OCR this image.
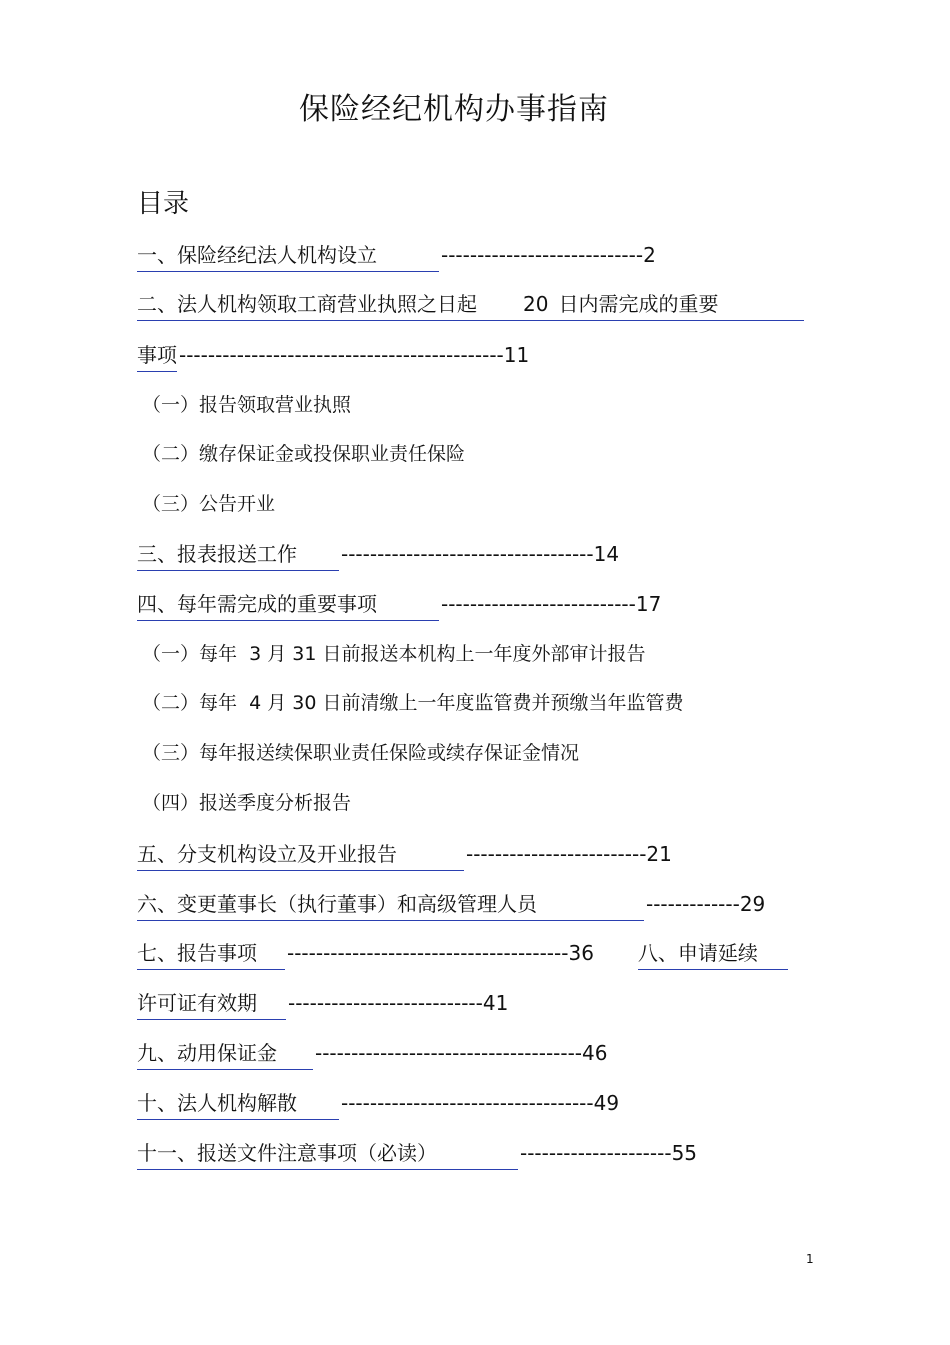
保险经纪机构办事指南
目录
一、保险经纪法人机构设立	----------------------------2
二、法人机构领取工商营业执照之日起 20 日内需完成的重要
事项 ---------------------------------------------11
（一）报告领取营业执照
（二）缴存保证金或投保职业责任保险
（三）公告开业
三、报表报送工作 -----------------------------------14
四、每年需完成的重要事项	---------------------------17
（一）每年  3 月 31 日前报送本机构上一年度外部审计报告
（二）每年  4 月 30 日前清缴上一年度监管费并预缴当年监管费
（三）每年报送续保职业责任保险或续存保证金情况
（四）报送季度分析报告
五、分支机构设立及开业报告	-------------------------21
六、变更董事长（执行董事）和高级管理人员	-------------29
七、报告事项 ---------------------------------------36 八、申请延续
许可证有效期 ---------------------------41
九、动用保证金 -------------------------------------46
十、法人机构解散 -----------------------------------49
十一、报送文件注意事项（必读）	---------------------55
1
